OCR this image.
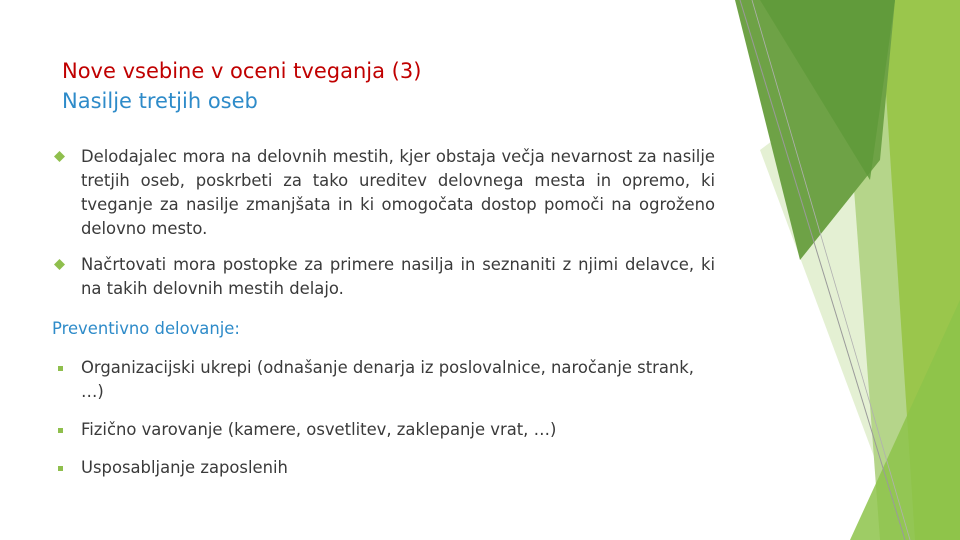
Nove vsebine v oceni tveganja (3)
Nasilje tretjih oseb
Delodajalec mora na delovnih mestih, kjer obstaja večja nevarnost za nasilje tretjih oseb, poskrbeti za tako ureditev delovnega mesta in opremo, ki tveganje za nasilje zmanjšata in ki omogočata dostop pomoči na ogroženo delovno mesto.
Načrtovati mora postopke za primere nasilja in seznaniti z njimi delavce, ki na takih delovnih mestih delajo.
Preventivno delovanje:
Organizacijski ukrepi (odnašanje denarja iz poslovalnice, naročanje strank, …)
Fizično varovanje (kamere, osvetlitev, zaklepanje vrat, …)
Usposabljanje zaposlenih
